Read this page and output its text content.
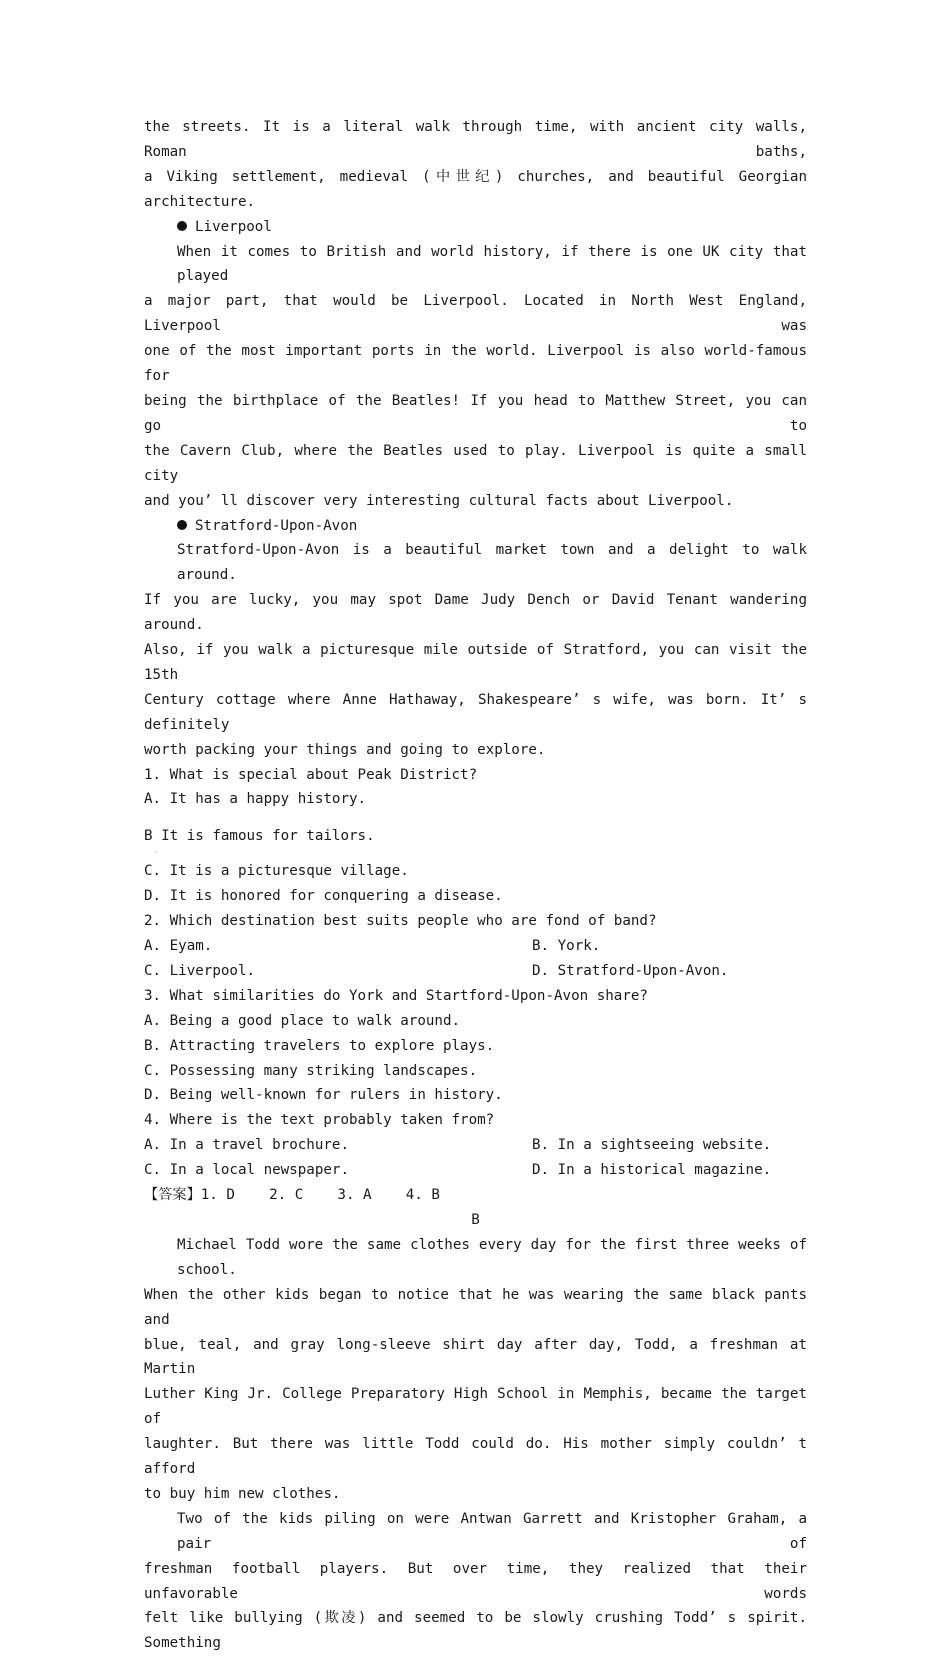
the streets. It is a literal walk through time, with ancient city walls, Roman baths,

a Viking settlement, medieval (中世纪) churches, and beautiful Georgian

architecture.

Liverpool

When it comes to British and world history, if there is one UK city that played

a major part, that would be Liverpool. Located in North West England, Liverpool was

one of the most important ports in the world. Liverpool is also world-famous for

being the birthplace of the Beatles! If you head to Matthew Street, you can go to

the Cavern Club, where the Beatles used to play. Liverpool is quite a small city

and you’ ll discover very interesting cultural facts about Liverpool.

Stratford-Upon-Avon

Stratford-Upon-Avon is a beautiful market town and a delight to walk around.

If you are lucky, you may spot Dame Judy Dench or David Tenant wandering around.

Also, if you walk a picturesque mile outside of Stratford, you can visit the 15th

Century cottage where Anne Hathaway, Shakespeare’ s wife, was born. It’ s definitely

worth packing your things and going to explore.

1. What is special about Peak District?

A. It has a happy history.

B It is famous for tailors.

·

C. It is a picturesque village.

D. It is honored for conquering a disease.

2. Which destination best suits people who are fond of band?

A. Eyam.	B. York.
C. Liverpool.	D. Stratford-Upon-Avon.

3. What similarities do York and Startford-Upon-Avon share?

A. Being a good place to walk around.

B. Attracting travelers to explore plays.

C. Possessing many striking landscapes.

D. Being well-known for rulers in history.

4. Where is the text probably taken from?

A. In a travel brochure.	B. In a sightseeing website.
C. In a local newspaper.	D. In a historical magazine.

【答案】1. D    2. C    3. A    4. B

B

Michael Todd wore the same clothes every day for the first three weeks of school.

When the other kids began to notice that he was wearing the same black pants and

blue, teal, and gray long-sleeve shirt day after day, Todd, a freshman at Martin

Luther King Jr. College Preparatory High School in Memphis, became the target of

laughter. But there was little Todd could do. His mother simply couldn’ t afford

to buy him new clothes.

Two of the kids piling on were Antwan Garrett and Kristopher Graham, a pair of

freshman football players. But over time, they realized that their unfavorable words

felt like bullying (欺凌) and seemed to be slowly crushing Todd’ s spirit. Something
